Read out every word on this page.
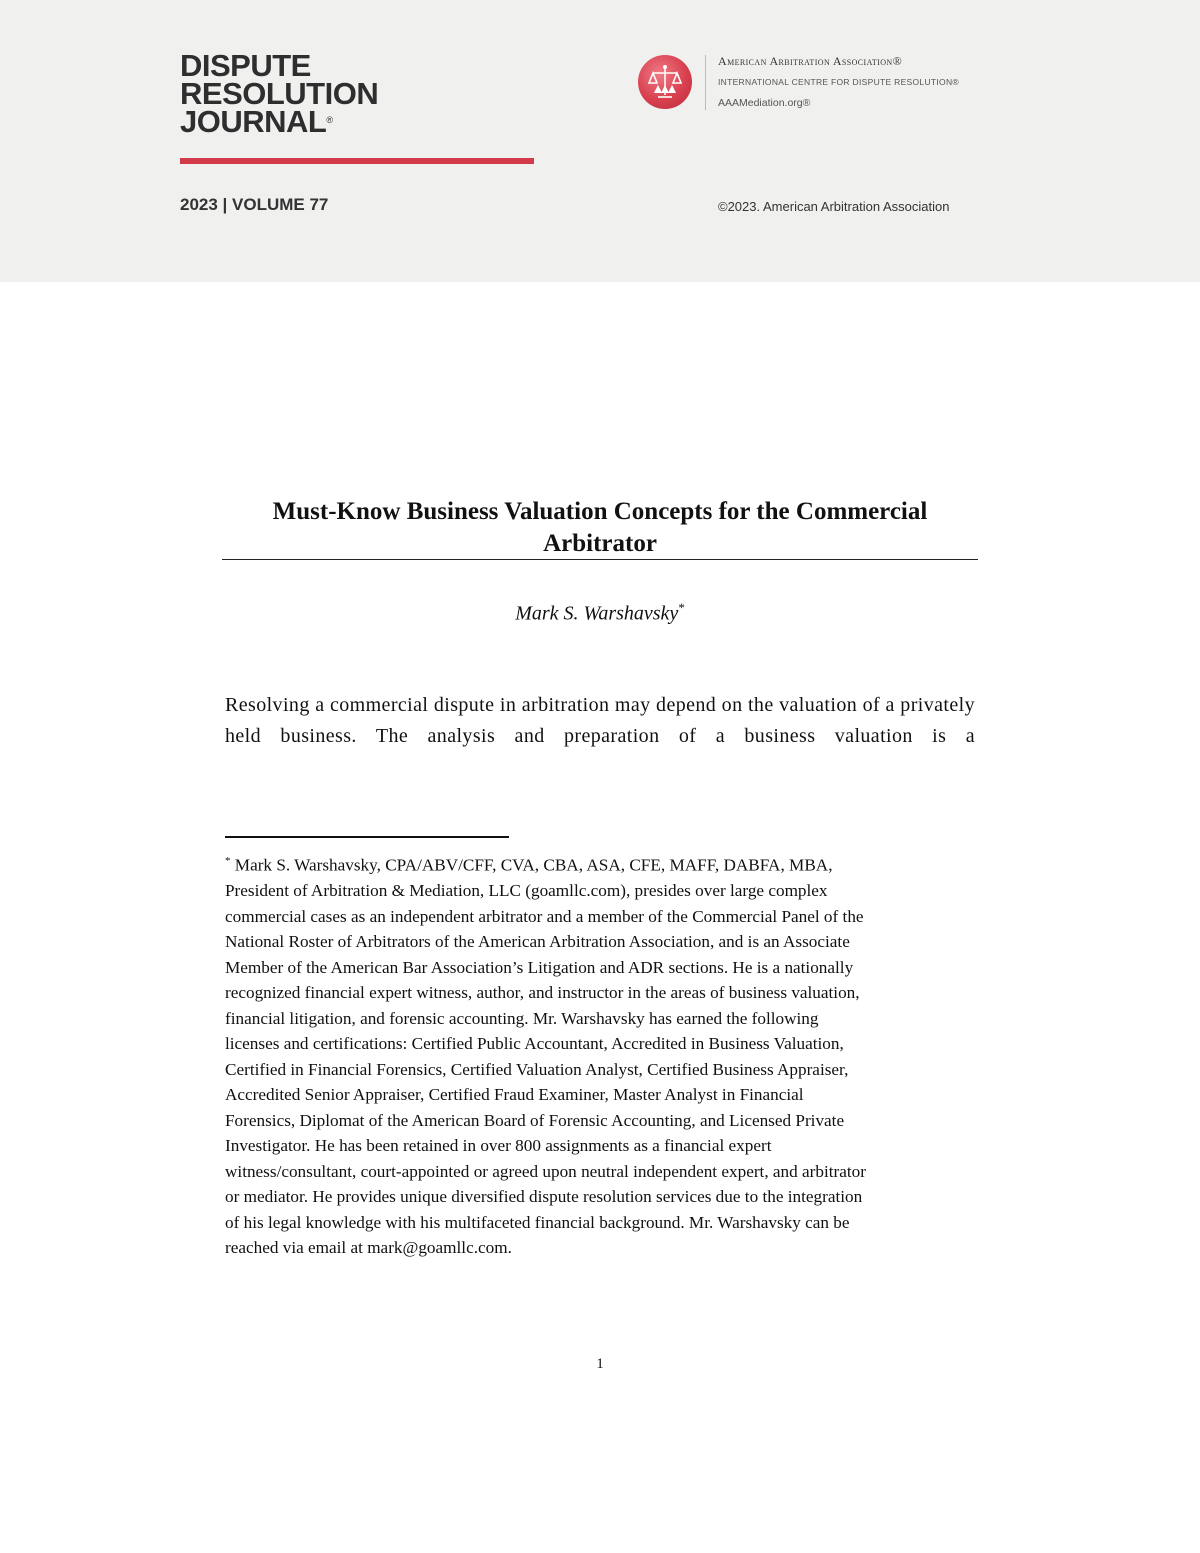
DISPUTE
RESOLUTION
JOURNAL®
2023 | VOLUME 77
American Arbitration Association®
INTERNATIONAL CENTRE FOR DISPUTE RESOLUTION®
AAAMediation.org®
©2023. American Arbitration Association
Must-Know Business Valuation Concepts for the Commercial Arbitrator
Mark S. Warshavsky*
Resolving a commercial dispute in arbitration may depend on the valuation of a privately held business. The analysis and preparation of a business valuation is a
* Mark S. Warshavsky, CPA/ABV/CFF, CVA, CBA, ASA, CFE, MAFF, DABFA, MBA,
President of Arbitration & Mediation, LLC (goamllc.com), presides over large complex
commercial cases as an independent arbitrator and a member of the Commercial Panel of the
National Roster of Arbitrators of the American Arbitration Association, and is an Associate
Member of the American Bar Association’s Litigation and ADR sections. He is a nationally
recognized financial expert witness, author, and instructor in the areas of business valuation,
financial litigation, and forensic accounting. Mr. Warshavsky has earned the following
licenses and certifications: Certified Public Accountant, Accredited in Business Valuation,
Certified in Financial Forensics, Certified Valuation Analyst, Certified Business Appraiser,
Accredited Senior Appraiser, Certified Fraud Examiner, Master Analyst in Financial
Forensics, Diplomat of the American Board of Forensic Accounting, and Licensed Private
Investigator. He has been retained in over 800 assignments as a financial expert
witness/consultant, court-appointed or agreed upon neutral independent expert, and arbitrator
or mediator. He provides unique diversified dispute resolution services due to the integration
of his legal knowledge with his multifaceted financial background. Mr. Warshavsky can be
reached via email at mark@goamllc.com.
1
